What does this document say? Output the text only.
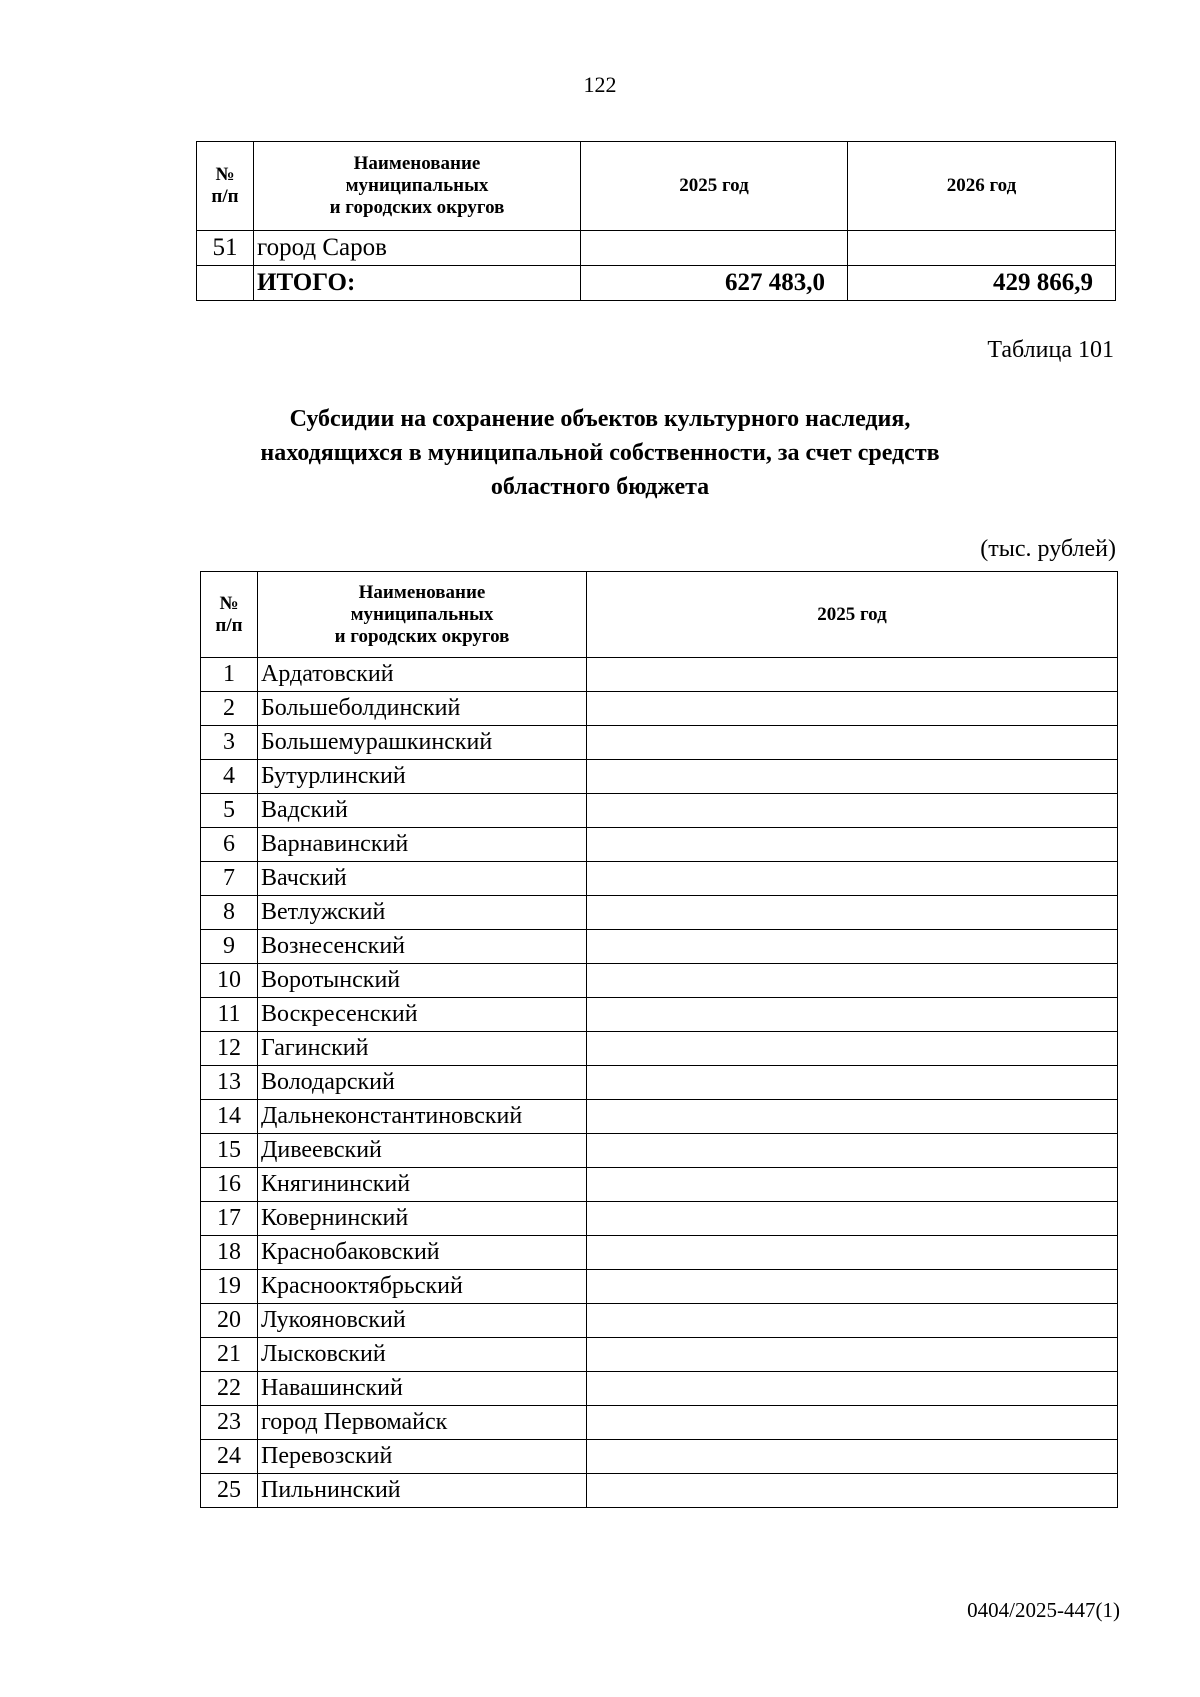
122
№
п/п	Наименование
муниципальных
и городских округов	2025 год	2026 год
51	город Саров		
	ИТОГО:	627 483,0	429 866,9
Таблица 101
Субсидии на сохранение объектов культурного наследия,
находящихся в муниципальной собственности, за счет средств
областного бюджета
(тыс. рублей)
№
п/п	Наименование
муниципальных
и городских округов	2025 год
1	Ардатовский	
2	Большеболдинский	
3	Большемурашкинский	
4	Бутурлинский	
5	Вадский	
6	Варнавинский	
7	Вачский	
8	Ветлужский	
9	Вознесенский	
10	Воротынский	
11	Воскресенский	
12	Гагинский	
13	Володарский	
14	Дальнеконстантиновский	
15	Дивеевский	
16	Княгининский	
17	Ковернинский	
18	Краснобаковский	
19	Краснооктябрьский	
20	Лукояновский	
21	Лысковский	
22	Навашинский	
23	город Первомайск	
24	Перевозский	
25	Пильнинский	
0404/2025-447(1)
